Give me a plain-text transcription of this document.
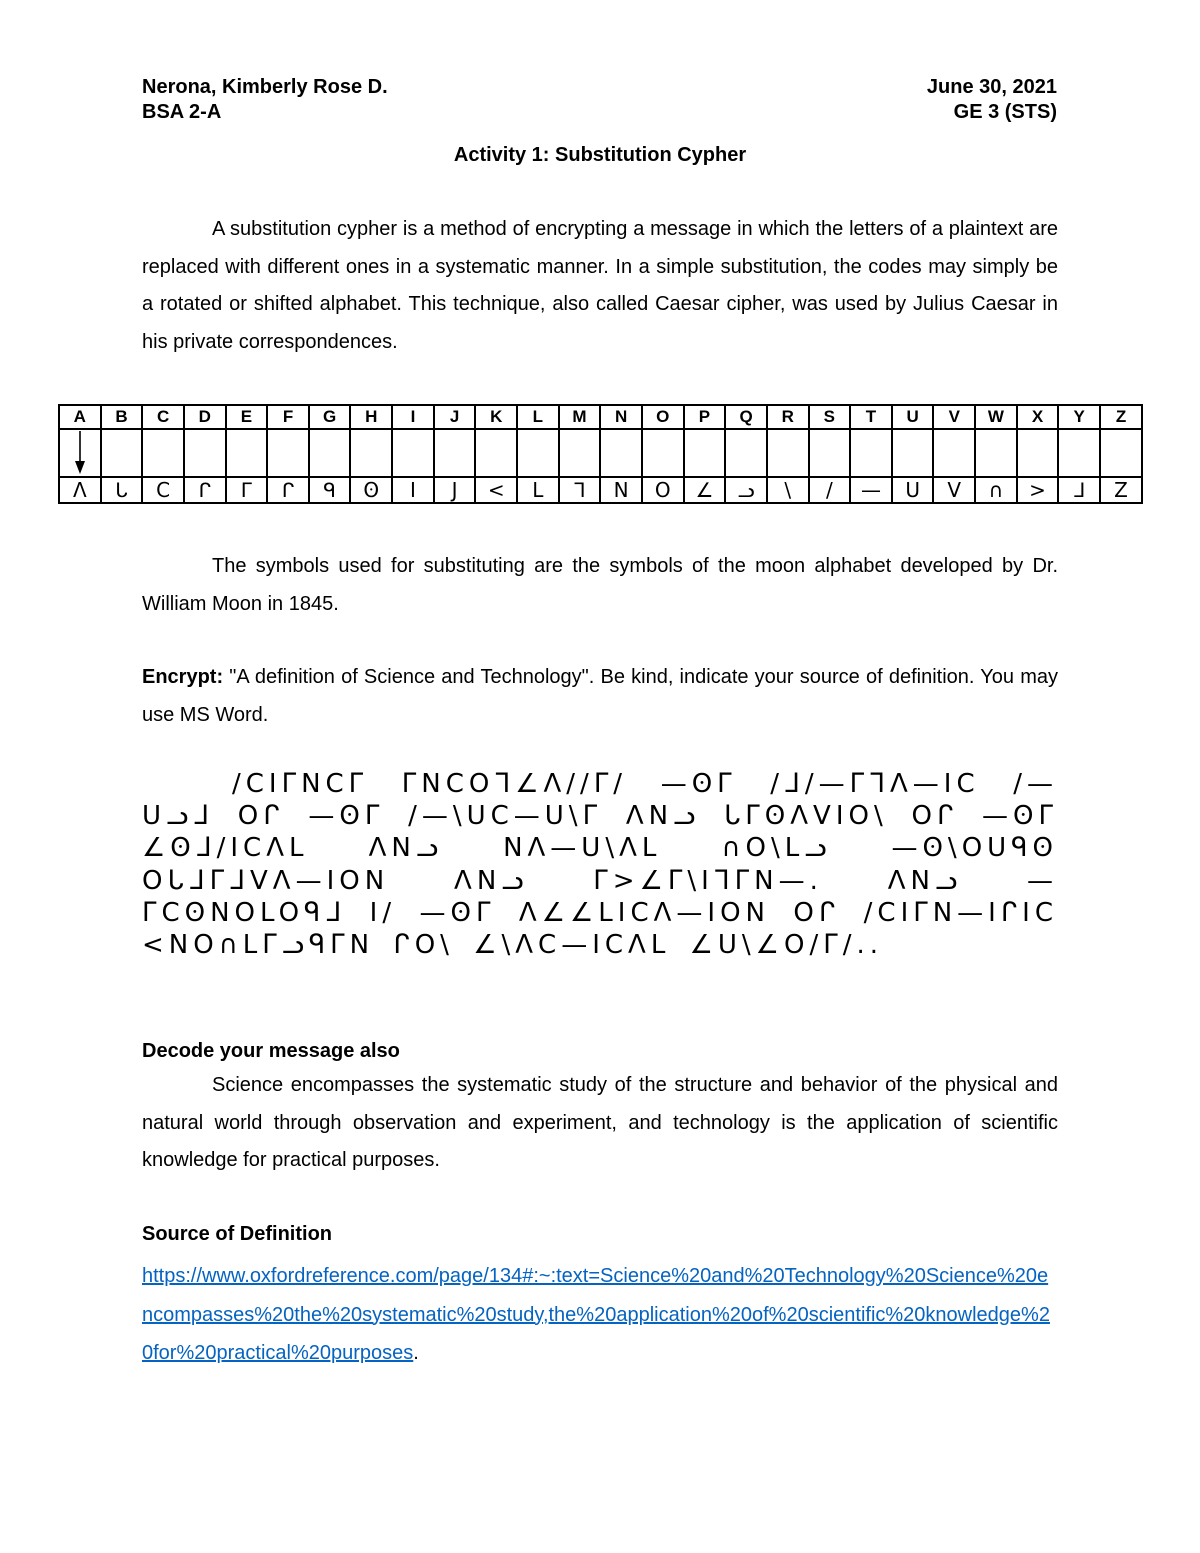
Nerona, Kimberly Rose D.
BSA 2-A
June 30, 2021
GE 3 (STS)
Activity 1: Substitution Cypher
A substitution cypher is a method of encrypting a message in which the letters of a plaintext are replaced with different ones in a systematic manner. In a simple substitution, the codes may simply be a rotated or shifted alphabet. This technique, also called Caesar cipher, was used by Julius Caesar in his private correspondences.
A	B	C	D	E	F	G	H	I	J	K	L	M	N	O	P	Q	R	S	T	U	V	W	X	Y	Z

Λ	ᒐ	C	ᒋ	ᒥ	ᒋ	ᑫ	ʘ	I	J	<	L	ᒣ	N	O	∠	ᓗ	\	/	—	U	V	∩	>	ᒧ	Z
The symbols used for substituting are the symbols of the moon alphabet developed by Dr. William Moon in 1845.
Encrypt: "A definition of Science and Technology". Be kind, indicate your source of definition. You may use MS Word.
/CIᒥNCᒥ ᒥNCOᒣ∠Λ//ᒥ/ —ʘᒥ /ᒧ/—ᒥᒣΛ—IC /—Uᓗᒧ Oᒋ —ʘᒥ /—\UC—U\ᒥ ΛNᓗ ᒐᒥʘΛVIO\ Oᒋ —ʘᒥ ∠ʘᒧ/ICΛL ΛNᓗ NΛ—U\ΛL ∩O\Lᓗ —ʘ\OUᑫʘ OᒐᒧᒥᒧVΛ—ION ΛNᓗ ᒥ>∠ᒥ\IᒣᒥN—. ΛNᓗ —ᒥCʘNOLOᑫᒧ I/ —ʘᒥ Λ∠∠LICΛ—ION Oᒋ /CIᒥN—IᒋIC <NO∩LᒥᓗᑫᒥN ᒋO\ ∠\ΛC—ICΛL ∠U\∠O/ᒥ/..
Decode your message also
Science encompasses the systematic study of the structure and behavior of the physical and natural world through observation and experiment, and technology is the application of scientific knowledge for practical purposes.
Source of Definition
https://www.oxfordreference.com/page/134#:~:text=Science%20and%20Technology%20Science%20encompasses%20the%20systematic%20study,the%20application%20of%20scientific%20knowledge%20for%20practical%20purposes.
